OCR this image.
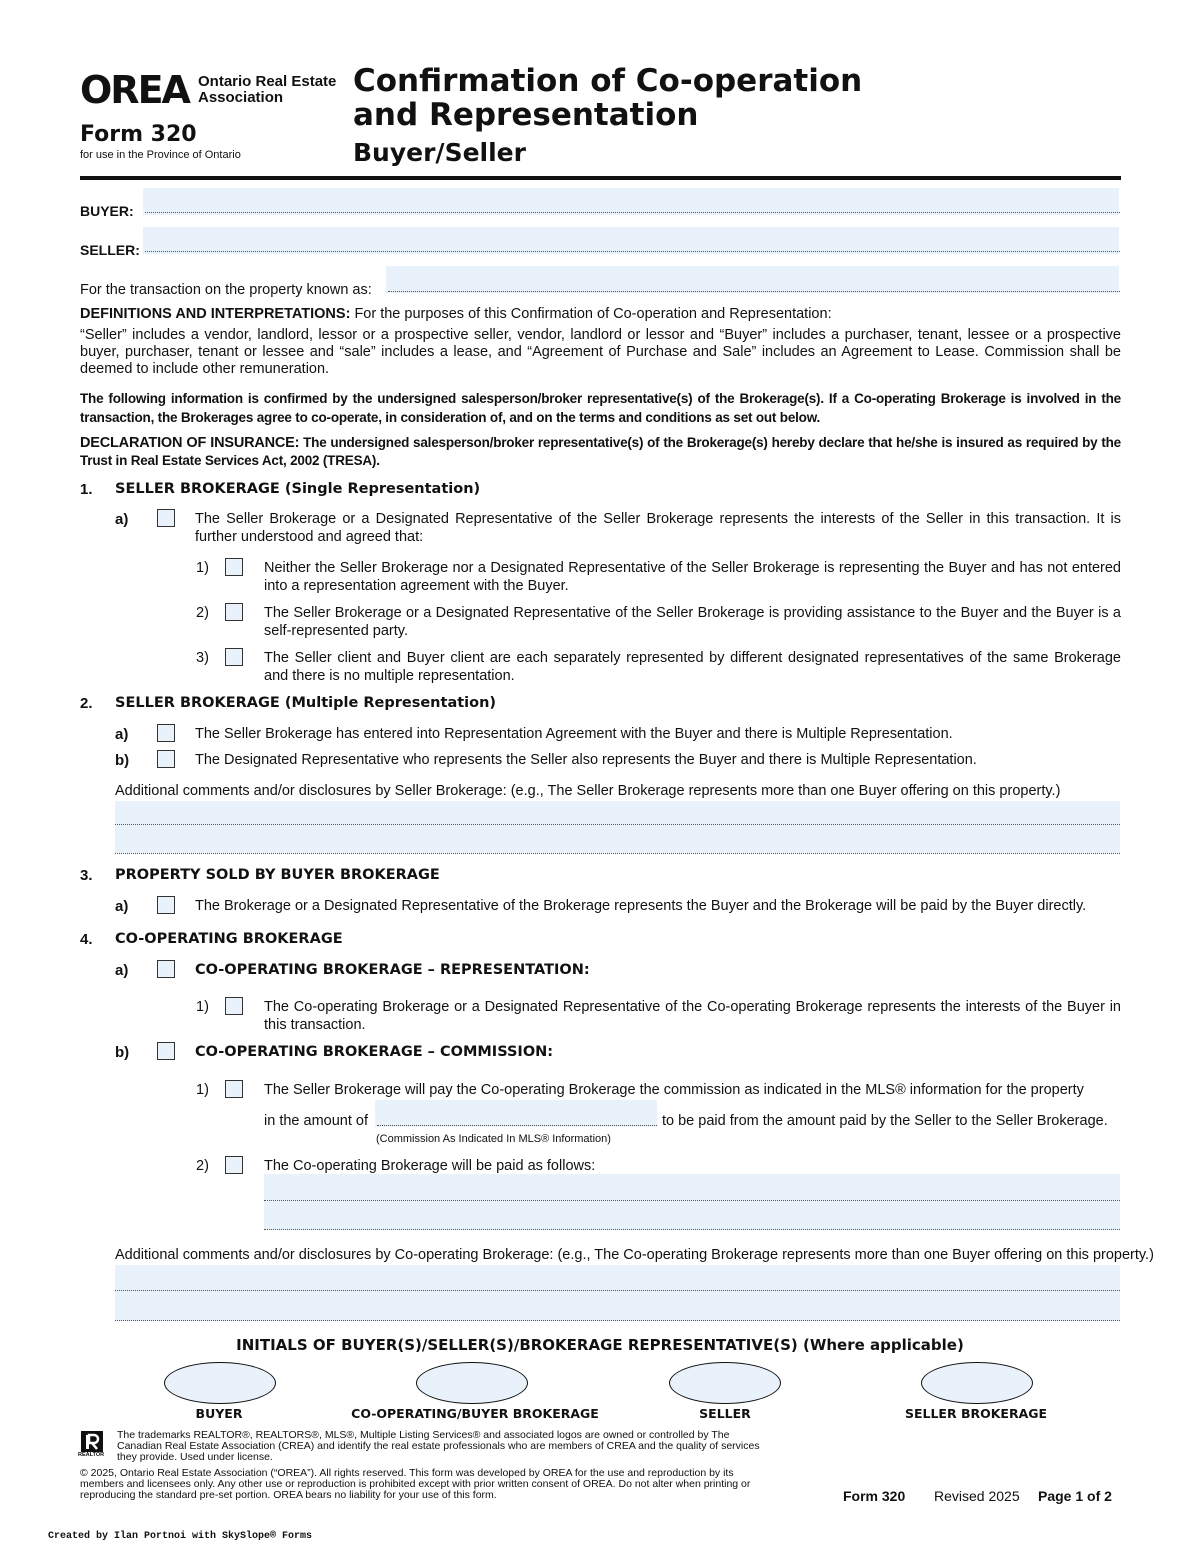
OREA Ontario Real Estate
Association
Form 320
for use in the Province of Ontario
Confirmation of Co-operation
and Representation
Buyer/Seller
BUYER:
SELLER:
For the transaction on the property known as:
DEFINITIONS AND INTERPRETATIONS: For the purposes of this Confirmation of Co-operation and Representation:
“Seller” includes a vendor, landlord, lessor or a prospective seller, vendor, landlord or lessor and “Buyer” includes a purchaser, tenant, lessee or a prospective buyer, purchaser, tenant or lessee and “sale” includes a lease, and “Agreement of Purchase and Sale” includes an Agreement to Lease. Commission shall be deemed to include other remuneration.
The following information is confirmed by the undersigned salesperson/broker representative(s) of the Brokerage(s). If a Co-operating Brokerage is involved in the transaction, the Brokerages agree to co-operate, in consideration of, and on the terms and conditions as set out below.
DECLARATION OF INSURANCE: The undersigned salesperson/broker representative(s) of the Brokerage(s) hereby declare that he/she is insured as required by the Trust in Real Estate Services Act, 2002 (TRESA).
1. SELLER BROKERAGE (Single Representation)
a)	The Seller Brokerage or a Designated Representative of the Seller Brokerage represents the interests of the Seller in this transaction. It is further understood and agreed that:
1)	Neither the Seller Brokerage nor a Designated Representative of the Seller Brokerage is representing the Buyer and has not entered into a representation agreement with the Buyer.
2)	The Seller Brokerage or a Designated Representative of the Seller Brokerage is providing assistance to the Buyer and the Buyer is a self-represented party.
3)	The Seller client and Buyer client are each separately represented by different designated representatives of the same Brokerage and there is no multiple representation.
2. SELLER BROKERAGE (Multiple Representation)
a)	The Seller Brokerage has entered into Representation Agreement with the Buyer and there is Multiple Representation.
b)	The Designated Representative who represents the Seller also represents the Buyer and there is Multiple Representation.
Additional comments and/or disclosures by Seller Brokerage: (e.g., The Seller Brokerage represents more than one Buyer offering on this property.)
3. PROPERTY SOLD BY BUYER BROKERAGE
a)	The Brokerage or a Designated Representative of the Brokerage represents the Buyer and the Brokerage will be paid by the Buyer directly.
4. CO-OPERATING BROKERAGE
a)	CO-OPERATING BROKERAGE – REPRESENTATION:
1)	The Co-operating Brokerage or a Designated Representative of the Co-operating Brokerage represents the interests of the Buyer in this transaction.
b)	CO-OPERATING BROKERAGE – COMMISSION:
1)	The Seller Brokerage will pay the Co-operating Brokerage the commission as indicated in the MLS® information for the property
in the amount of	to be paid from the amount paid by the Seller to the Seller Brokerage.
(Commission As Indicated In MLS® Information)
2)	The Co-operating Brokerage will be paid as follows:
Additional comments and/or disclosures by Co-operating Brokerage: (e.g., The Co-operating Brokerage represents more than one Buyer offering on this property.)
INITIALS OF BUYER(S)/SELLER(S)/BROKERAGE REPRESENTATIVE(S) (Where applicable)
BUYER	CO-OPERATING/BUYER BROKERAGE	SELLER	SELLER BROKERAGE
REALTOR
The trademarks REALTOR®, REALTORS®, MLS®, Multiple Listing Services® and associated logos are owned or controlled by The Canadian Real Estate Association (CREA) and identify the real estate professionals who are members of CREA and the quality of services they provide. Used under license.
© 2025, Ontario Real Estate Association (“OREA”). All rights reserved. This form was developed by OREA for the use and reproduction by its members and licensees only. Any other use or reproduction is prohibited except with prior written consent of OREA. Do not alter when printing or reproducing the standard pre-set portion. OREA bears no liability for your use of this form.	Form 320 Revised 2025 Page 1 of 2
Created by Ilan Portnoi with SkySlope® Forms
